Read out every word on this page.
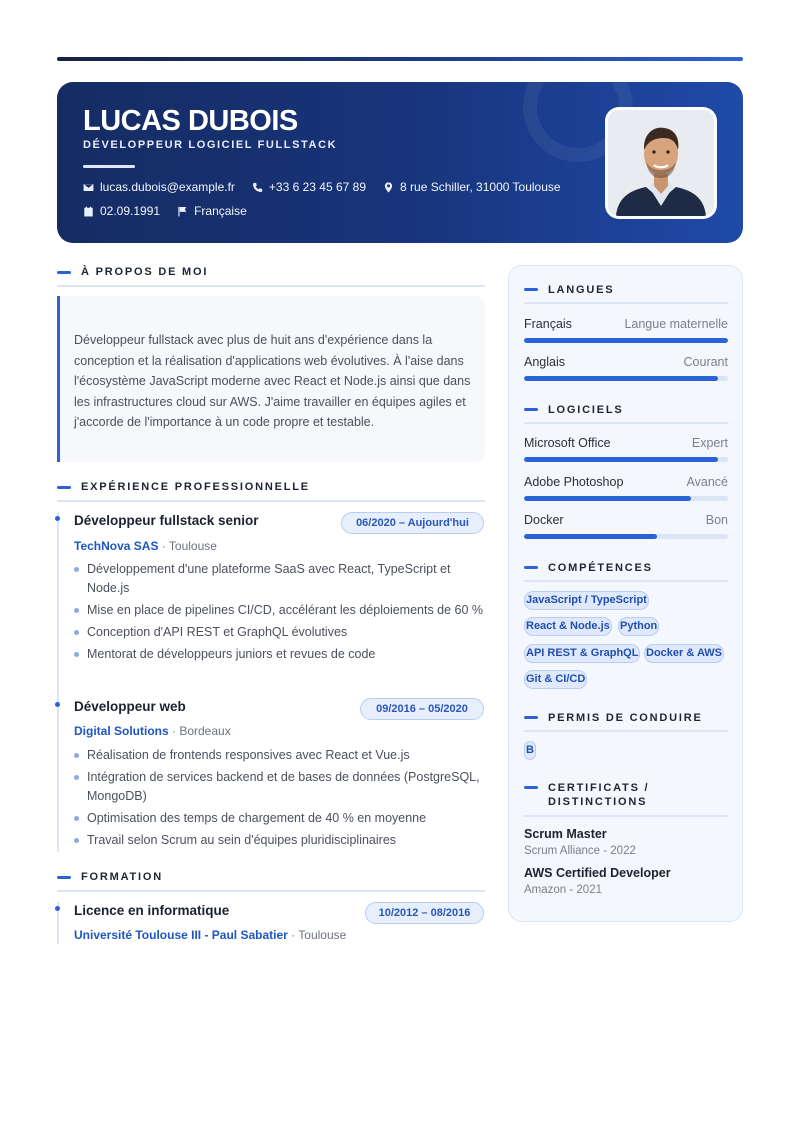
LUCAS DUBOIS
DÉVELOPPEUR LOGICIEL FULLSTACK
lucas.dubois@example.fr	+33 6 23 45 67 89	8 rue Schiller, 31000 Toulouse
02.09.1991	Française
À PROPOS DE MOI
Développeur fullstack avec plus de huit ans d'expérience dans la conception et la réalisation d'applications web évolutives. À l'aise dans l'écosystème JavaScript moderne avec React et Node.js ainsi que dans les infrastructures cloud sur AWS. J'aime travailler en équipes agiles et j'accorde de l'importance à un code propre et testable.
EXPÉRIENCE PROFESSIONNELLE
Développeur fullstack senior	06/2020 – Aujourd'hui
TechNova SAS · Toulouse
Développement d'une plateforme SaaS avec React, TypeScript et Node.js
Mise en place de pipelines CI/CD, accélérant les déploiements de 60 %
Conception d'API REST et GraphQL évolutives
Mentorat de développeurs juniors et revues de code
Développeur web	09/2016 – 05/2020
Digital Solutions · Bordeaux
Réalisation de frontends responsives avec React et Vue.js
Intégration de services backend et de bases de données (PostgreSQL, MongoDB)
Optimisation des temps de chargement de 40 % en moyenne
Travail selon Scrum au sein d'équipes pluridisciplinaires
FORMATION
Licence en informatique	10/2012 – 08/2016
Université Toulouse III - Paul Sabatier · Toulouse
LANGUES
Français	Langue maternelle
Anglais	Courant
LOGICIELS
Microsoft Office	Expert
Adobe Photoshop	Avancé
Docker	Bon
COMPÉTENCES
JavaScript / TypeScript
React & Node.js Python
API REST & GraphQL Docker & AWS
Git & CI/CD
PERMIS DE CONDUIRE
B
CERTIFICATS /
DISTINCTIONS
Scrum Master
Scrum Alliance - 2022
AWS Certified Developer
Amazon - 2021
